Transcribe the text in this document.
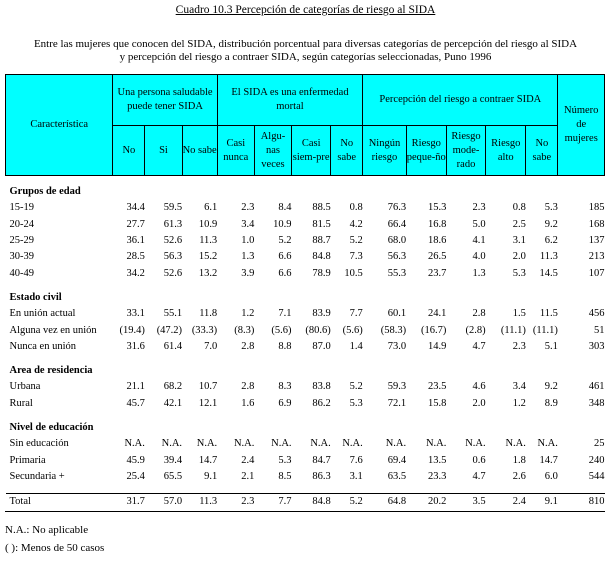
Cuadro 10.3 Percepción de categorías de riesgo al SIDA
Entre las mujeres que conocen del SIDA, distribución porcentual para diversas categorías de percepción del riesgo al SIDA
y percepción del riesgo a contraer SIDA, según categorías seleccionadas, Puno 1996
Característica	Una persona saludable puede tener SIDA			El SIDA es una enfermedad mortal				Percepción del riesgo a contraer SIDA					Número de mujeres
	No	Si	No sabe	Casi nunca	Algu-nas veces	Casi siem-pre	No sabe	Ningún riesgo	Riesgo peque-ño	Riesgo mode-rado	Riesgo alto	No sabe	

Grupos de edad													
15-19	34.4	59.5	6.1	2.3	8.4	88.5	0.8	76.3	15.3	2.3	0.8	5.3	185
20-24	27.7	61.3	10.9	3.4	10.9	81.5	4.2	66.4	16.8	5.0	2.5	9.2	168
25-29	36.1	52.6	11.3	1.0	5.2	88.7	5.2	68.0	18.6	4.1	3.1	6.2	137
30-39	28.5	56.3	15.2	1.3	6.6	84.8	7.3	56.3	26.5	4.0	2.0	11.3	213
40-49	34.2	52.6	13.2	3.9	6.6	78.9	10.5	55.3	23.7	1.3	5.3	14.5	107

Estado civil													
En unión actual	33.1	55.1	11.8	1.2	7.1	83.9	7.7	60.1	24.1	2.8	1.5	11.5	456
Alguna vez en unión	(19.4)	(47.2)	(33.3)	(8.3)	(5.6)	(80.6)	(5.6)	(58.3)	(16.7)	(2.8)	(11.1)	(11.1)	51
Nunca en unión	31.6	61.4	7.0	2.8	8.8	87.0	1.4	73.0	14.9	4.7	2.3	5.1	303

Area de residencia													
Urbana	21.1	68.2	10.7	2.8	8.3	83.8	5.2	59.3	23.5	4.6	3.4	9.2	461
Rural	45.7	42.1	12.1	1.6	6.9	86.2	5.3	72.1	15.8	2.0	1.2	8.9	348

Nivel de educación													
Sin educación	N.A.	N.A.	N.A.	N.A.	N.A.	N.A.	N.A.	N.A.	N.A.	N.A.	N.A.	N.A.	25
Primaria	45.9	39.4	14.7	2.4	5.3	84.7	7.6	69.4	13.5	0.6	1.8	14.7	240
Secundaria +	25.4	65.5	9.1	2.1	8.5	86.3	3.1	63.5	23.3	4.7	2.6	6.0	544

Total	31.7	57.0	11.3	2.3	7.7	84.8	5.2	64.8	20.2	3.5	2.4	9.1	810
N.A.: No aplicable
( ): Menos de 50 casos
